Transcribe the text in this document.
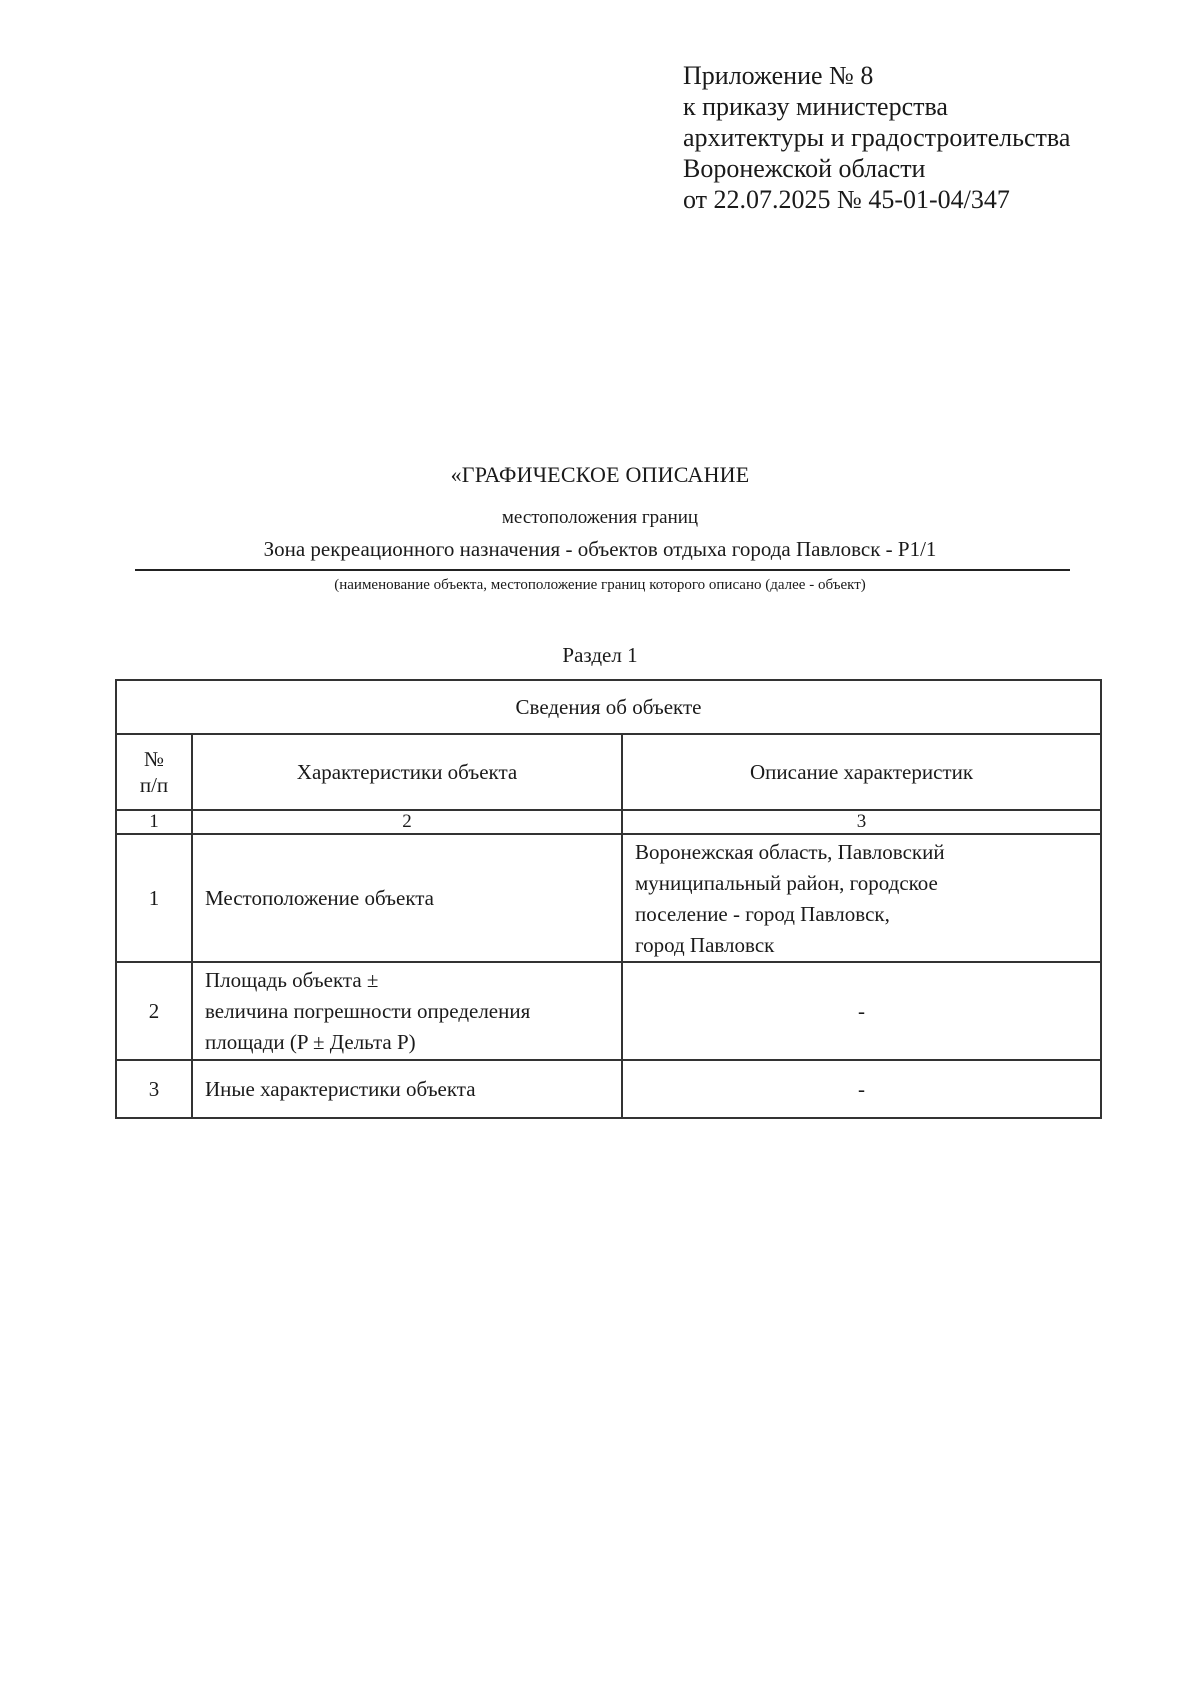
Приложение № 8
к приказу министерства
архитектуры и градостроительства
Воронежской области
от 22.07.2025 № 45-01-04/347
«ГРАФИЧЕСКОЕ ОПИСАНИЕ
местоположения границ
Зона рекреационного назначения - объектов отдыха города Павловск - Р1/1
(наименование объекта, местоположение границ которого описано (далее - объект)
Раздел 1
Сведения об объекте		

№
п/п	Характеристики объекта	Описание характеристик
1	2	3
1	Местоположение объекта	Воронежская область, Павловский
муниципальный район, городское
поселение - город Павловск,
город Павловск

2	Площадь объекта ±
величина погрешности определения
площади (P ± Дельта P)	-

3	Иные характеристики объекта	-
